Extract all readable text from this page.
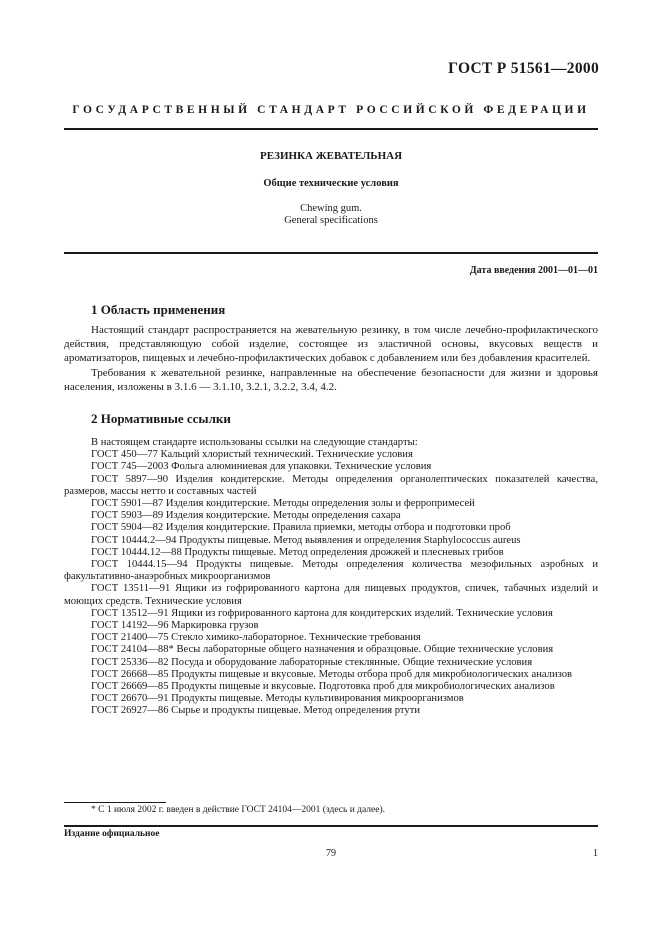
ГОСТ Р 51561—2000
ГОСУДАРСТВЕННЫЙ СТАНДАРТ РОССИЙСКОЙ ФЕДЕРАЦИИ
РЕЗИНКА ЖЕВАТЕЛЬНАЯ
Общие технические условия
Chewing gum.
General specifications
Дата введения 2001—01—01
1 Область применения

Настоящий стандарт распространяется на жевательную резинку, в том числе лечебно-профилактического действия, представляющую собой изделие, состоящее из эластичной основы, вкусовых веществ и ароматизаторов, пищевых и лечебно-профилактических добавок с добавлением или без добавления красителей.

Требования к жевательной резинке, направленные на обеспечение безопасности для жизни и здоровья населения, изложены в 3.1.6 — 3.1.10, 3.2.1, 3.2.2, 3.4, 4.2.

2 Нормативные ссылки

В настоящем стандарте использованы ссылки на следующие стандарты:

ГОСТ 450—77 Кальций хлористый технический. Технические условия

ГОСТ 745—2003 Фольга алюминиевая для упаковки. Технические условия

ГОСТ 5897—90 Изделия кондитерские. Методы определения органолептических показателей качества, размеров, массы нетто и составных частей

ГОСТ 5901—87 Изделия кондитерские. Методы определения золы и ферропримесей

ГОСТ 5903—89 Изделия кондитерские. Методы определения сахара

ГОСТ 5904—82 Изделия кондитерские. Правила приемки, методы отбора и подготовки проб

ГОСТ 10444.2—94 Продукты пищевые. Метод выявления и определения Staphylococcus aureus

ГОСТ 10444.12—88 Продукты пищевые. Метод определения дрожжей и плесневых грибов

ГОСТ 10444.15—94 Продукты пищевые. Методы определения количества мезофильных аэробных и факультативно-анаэробных микроорганизмов

ГОСТ 13511—91 Ящики из гофрированного картона для пищевых продуктов, спичек, табачных изделий и моющих средств. Технические условия

ГОСТ 13512—91 Ящики из гофрированного картона для кондитерских изделий. Технические условия

ГОСТ 14192—96 Маркировка грузов

ГОСТ 21400—75 Стекло химико-лабораторное. Технические требования

ГОСТ 24104—88* Весы лабораторные общего назначения и образцовые. Общие технические условия

ГОСТ 25336—82 Посуда и оборудование лабораторные стеклянные. Общие технические условия

ГОСТ 26668—85 Продукты пищевые и вкусовые. Методы отбора проб для микробиологических анализов

ГОСТ 26669—85 Продукты пищевые и вкусовые. Подготовка проб для микробиологических анализов

ГОСТ 26670—91 Продукты пищевые. Методы культивирования микроорганизмов

ГОСТ 26927—86 Сырье и продукты пищевые. Метод определения ртути

* С 1 июля 2002 г. введен в действие ГОСТ 24104—2001 (здесь и далее).
Издание официальное
79	1
